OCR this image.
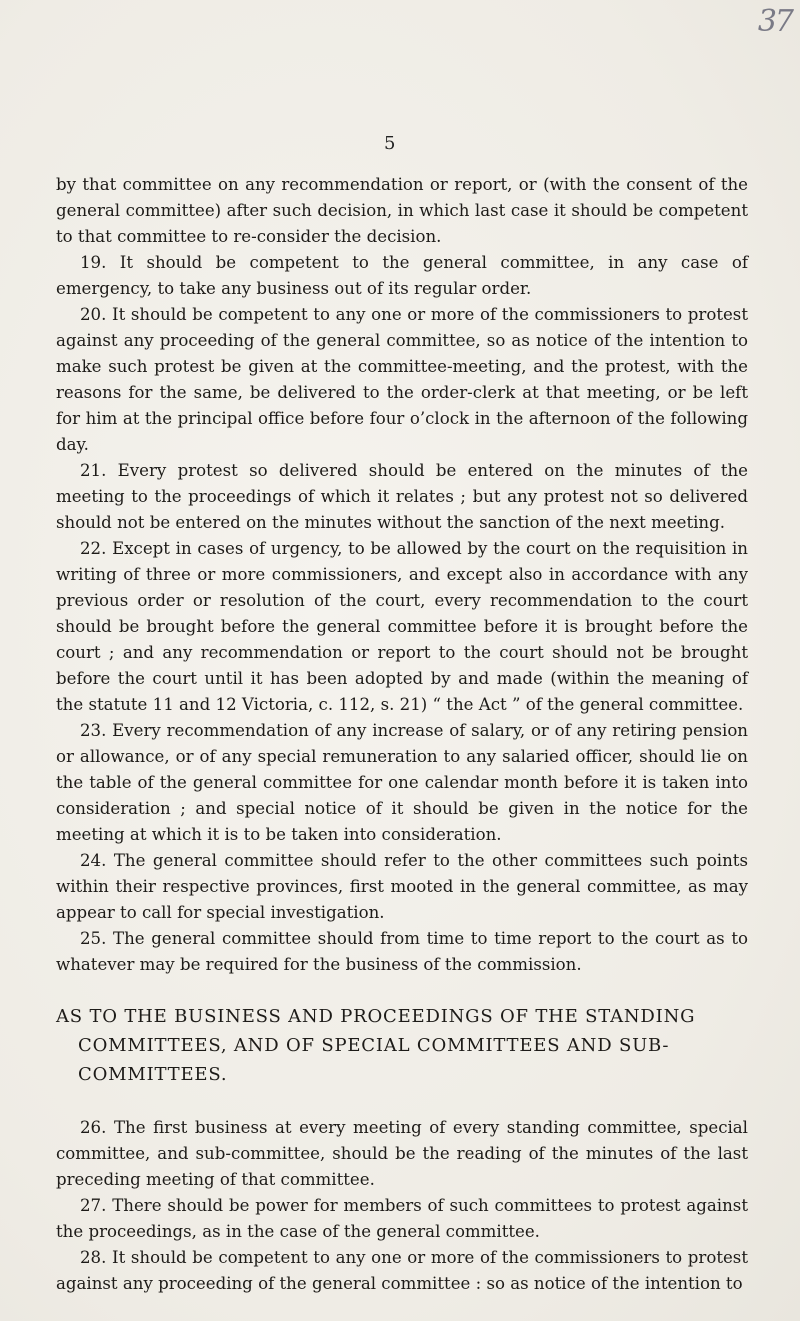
37
5

by that committee on any recommendation or report, or (with the consent of the general committee) after such decision, in which last case it should be competent to that committee to re-consider the decision.

19. It should be competent to the general committee, in any case of emergency, to take any business out of its regular order.

20. It should be competent to any one or more of the commissioners to protest against any proceeding of the general committee, so as notice of the intention to make such protest be given at the committee-meeting, and the protest, with the reasons for the same, be delivered to the order-clerk at that meeting, or be left for him at the principal office before four o’clock in the afternoon of the following day.

21. Every protest so delivered should be entered on the minutes of the meeting to the proceedings of which it relates ; but any protest not so delivered should not be entered on the minutes without the sanction of the next meeting.

22. Except in cases of urgency, to be allowed by the court on the requisition in writing of three or more commissioners, and except also in accordance with any previous order or resolution of the court, every recommendation to the court should be brought before the general committee before it is brought before the court ; and any recommendation or report to the court should not be brought before the court until it has been adopted by and made (within the meaning of the statute 11 and 12 Victoria, c. 112, s. 21) “ the Act ” of the general committee.

23. Every recommendation of any increase of salary, or of any retiring pension or allowance, or of any special remuneration to any salaried officer, should lie on the table of the general committee for one calendar month before it is taken into consideration ; and special notice of it should be given in the notice for the meeting at which it is to be taken into consideration.

24. The general committee should refer to the other committees such points within their respective provinces, first mooted in the general committee, as may appear to call for special investigation.

25. The general committee should from time to time report to the court as to whatever may be required for the business of the commission.

AS TO THE BUSINESS AND PROCEEDINGS OF THE STANDING COMMITTEES, AND OF SPECIAL COMMITTEES AND SUB-COMMITTEES.

26. The first business at every meeting of every standing committee, special committee, and sub-committee, should be the reading of the minutes of the last preceding meeting of that committee.

27. There should be power for members of such committees to protest against the proceedings, as in the case of the general committee.

28. It should be competent to any one or more of the commissioners to protest against any proceeding of the general committee : so as notice of the intention to
